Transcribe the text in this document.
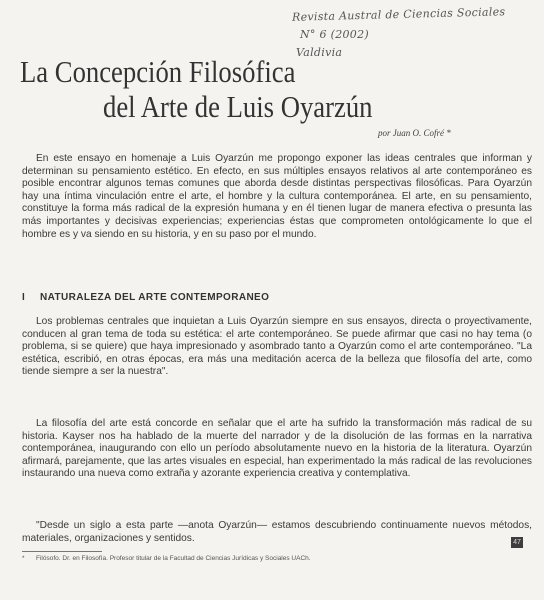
Revista Austral de Ciencias Sociales
N° 6 (2002)
Valdivia
La Concepción Filosófica
del Arte de Luis Oyarzún
por Juan O. Cofré *

En este ensayo en homenaje a Luis Oyarzún me propongo exponer las ideas centrales que informan y determinan su pensamiento estético. En efecto, en sus múltiples ensayos relativos al arte contemporáneo es posible encontrar algunos temas comunes que aborda desde distintas perspectivas filosóficas. Para Oyarzún hay una íntima vinculación entre el arte, el hombre y la cultura contemporánea. El arte, en su pensamiento, constituye la forma más radical de la expresión humana y en él tienen lugar de manera efectiva o presunta las más importantes y decisivas experiencias; experiencias éstas que comprometen ontológicamente lo que el hombre es y va siendo en su historia, y en su paso por el mundo.

I NATURALEZA DEL ARTE CONTEMPORANEO

Los problemas centrales que inquietan a Luis Oyarzún siempre en sus ensayos, directa o proyectivamente, conducen al gran tema de toda su estética: el arte contemporáneo. Se puede afirmar que casi no hay tema (o problema, si se quiere) que haya impresionado y asombrado tanto a Oyarzún como el arte contemporáneo. "La estética, escribió, en otras épocas, era más una meditación acerca de la belleza que filosofía del arte, como tiende siempre a ser la nuestra".

La filosofía del arte está concorde en señalar que el arte ha sufrido la transformación más radical de su historia. Kayser nos ha hablado de la muerte del narrador y de la disolución de las formas en la narrativa contemporánea, inaugurando con ello un período absolutamente nuevo en la historia de la literatura. Oyarzún afirmará, parejamente, que las artes visuales en especial, han experimentado la más radical de las revoluciones instaurando una nueva como extraña y azorante experiencia creativa y contemplativa.

"Desde un siglo a esta parte —anota Oyarzún— estamos descubriendo continuamente nuevos métodos, materiales, organizaciones y sentidos.

* Filósofo. Dr. en Filosofía. Profesor titular de la Facultad de Ciencias Jurídicas y Sociales UACh.
47
